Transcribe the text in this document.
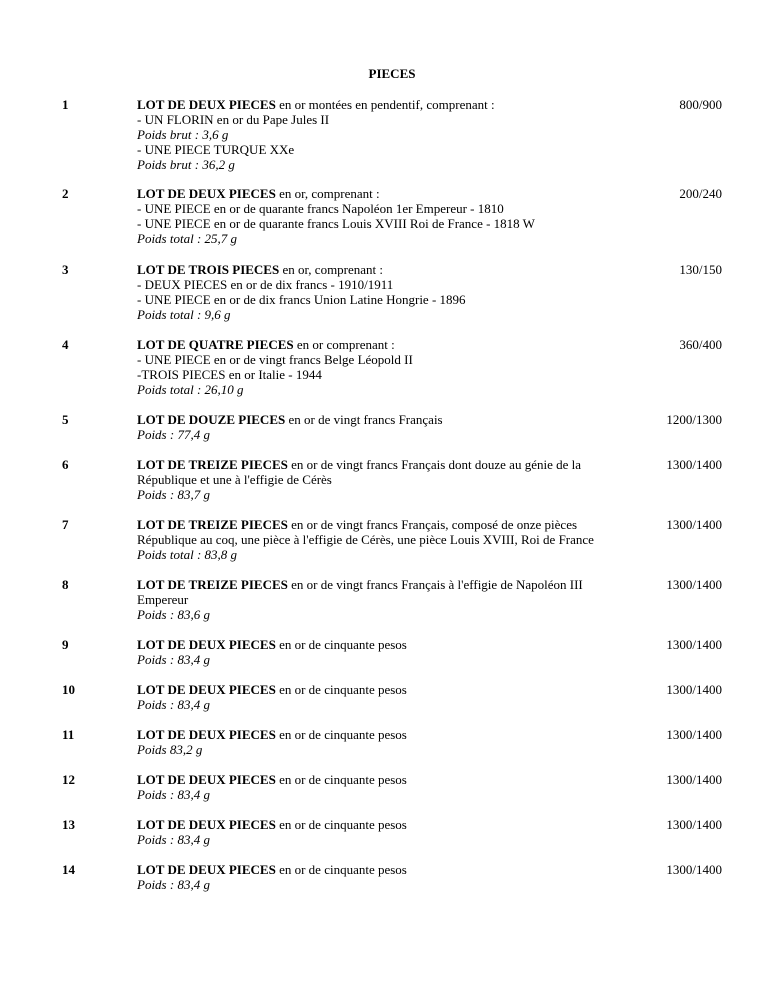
PIECES
1	LOT DE DEUX PIECES en or montées en pendentif, comprenant :
- UN FLORIN en or du Pape Jules II
Poids brut : 3,6 g
- UNE PIECE TURQUE XXe
Poids brut : 36,2 g
800/900
2	LOT DE DEUX PIECES en or, comprenant :
- UNE PIECE en or de quarante francs Napoléon 1er Empereur - 1810
- UNE PIECE en or de quarante francs Louis XVIII Roi de France - 1818 W
Poids total : 25,7 g
200/240
3	LOT DE TROIS PIECES en or, comprenant :
- DEUX PIECES en or de dix francs - 1910/1911
- UNE PIECE en or de dix francs Union Latine Hongrie - 1896
Poids total : 9,6 g
130/150
4	LOT DE QUATRE PIECES en or comprenant :
- UNE PIECE en or de vingt francs Belge Léopold II
-TROIS PIECES en or Italie - 1944
Poids total : 26,10 g
360/400
5	LOT DE DOUZE PIECES en or de vingt francs Français
Poids : 77,4 g
1200/1300
6	LOT DE TREIZE PIECES en or de vingt francs Français dont douze au génie de la
République et une à l'effigie de Cérès
Poids : 83,7 g
1300/1400
7	LOT DE TREIZE PIECES en or de vingt francs Français, composé de onze pièces
République au coq, une pièce à l'effigie de Cérès, une pièce Louis XVIII, Roi de France
Poids total : 83,8 g
1300/1400
8	LOT DE TREIZE PIECES en or de vingt francs Français à l'effigie de Napoléon III
Empereur
Poids : 83,6 g
1300/1400
9	LOT DE DEUX PIECES en or de cinquante pesos
Poids : 83,4 g
1300/1400
10	LOT DE DEUX PIECES en or de cinquante pesos
Poids : 83,4 g
1300/1400
11	LOT DE DEUX PIECES en or de cinquante pesos
Poids 83,2 g
1300/1400
12	LOT DE DEUX PIECES en or de cinquante pesos
Poids : 83,4 g
1300/1400
13	LOT DE DEUX PIECES en or de cinquante pesos
Poids : 83,4 g
1300/1400
14	LOT DE DEUX PIECES en or de cinquante pesos
Poids : 83,4 g
1300/1400
